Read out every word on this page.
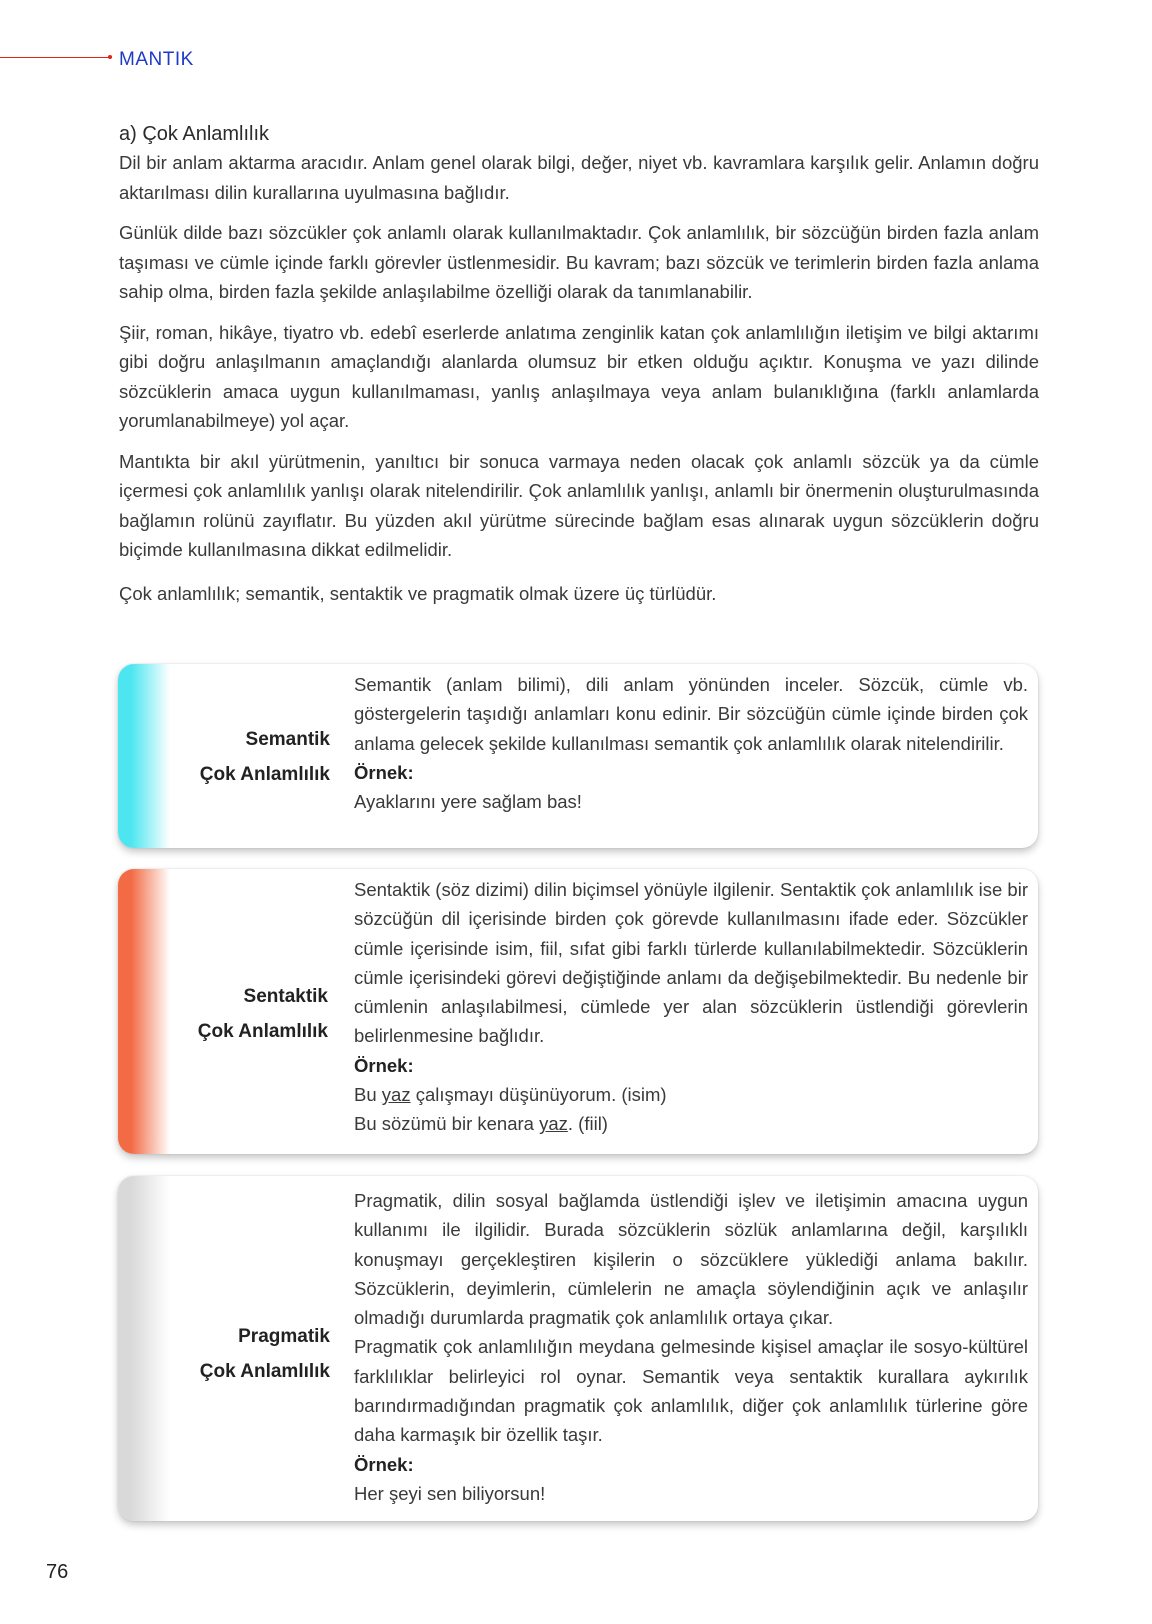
MANTIK

a) Çok Anlamlılık

Dil bir anlam aktarma aracıdır. Anlam genel olarak bilgi, değer, niyet vb. kavramlara karşılık gelir. Anlamın doğru aktarılması dilin kurallarına uyulmasına bağlıdır.

Günlük dilde bazı sözcükler çok anlamlı olarak kullanılmaktadır. Çok anlamlılık, bir sözcüğün birden fazla anlam taşıması ve cümle içinde farklı görevler üstlenmesidir. Bu kavram; bazı sözcük ve terimlerin birden fazla anlama sahip olma, birden fazla şekilde anlaşılabilme özelliği olarak da tanımlanabilir.

Şiir, roman, hikâye, tiyatro vb. edebî eserlerde anlatıma zenginlik katan çok anlamlılığın iletişim ve bilgi aktarımı gibi doğru anlaşılmanın amaçlandığı alanlarda olumsuz bir etken olduğu açıktır. Konuşma ve yazı dilinde sözcüklerin amaca uygun kullanılmaması, yanlış anlaşılmaya veya anlam bulanıklığına (farklı anlamlarda yorumlanabilmeye) yol açar.

Mantıkta bir akıl yürütmenin, yanıltıcı bir sonuca varmaya neden olacak çok anlamlı sözcük ya da cümle içermesi çok anlamlılık yanlışı olarak nitelendirilir. Çok anlamlılık yanlışı, anlamlı bir önermenin oluşturulmasında bağlamın rolünü zayıflatır. Bu yüzden akıl yürütme sürecinde bağlam esas alınarak uygun sözcüklerin doğru biçimde kullanılmasına dikkat edilmelidir.

Çok anlamlılık; semantik, sentaktik ve pragmatik olmak üzere üç türlüdür.

Semantik
Çok Anlamlılık

Semantik (anlam bilimi), dili anlam yönünden inceler. Sözcük, cümle vb. göstergelerin taşıdığı anlamları konu edinir. Bir sözcüğün cümle içinde birden çok anlama gelecek şekilde kullanılması semantik çok anlamlılık olarak nitelendirilir.

Örnek:

Ayaklarını yere sağlam bas!

Sentaktik
Çok Anlamlılık

Sentaktik (söz dizimi) dilin biçimsel yönüyle ilgilenir. Sentaktik çok anlamlılık ise bir sözcüğün dil içerisinde birden çok görevde kullanılmasını ifade eder. Sözcükler cümle içerisinde isim, fiil, sıfat gibi farklı türlerde kullanılabilmektedir. Sözcüklerin cümle içerisindeki görevi değiştiğinde anlamı da değişebilmektedir. Bu nedenle bir cümlenin anlaşılabilmesi, cümlede yer alan sözcüklerin üstlendiği görevlerin belirlenmesine bağlıdır.

Örnek:

Bu yaz çalışmayı düşünüyorum. (isim)

Bu sözümü bir kenara yaz. (fiil)

Pragmatik
Çok Anlamlılık

Pragmatik, dilin sosyal bağlamda üstlendiği işlev ve iletişimin amacına uygun kullanımı ile ilgilidir. Burada sözcüklerin sözlük anlamlarına değil, karşılıklı konuşmayı gerçekleştiren kişilerin o sözcüklere yüklediği anlama bakılır. Sözcüklerin, deyimlerin, cümlelerin ne amaçla söylendiğinin açık ve anlaşılır olmadığı durumlarda pragmatik çok anlamlılık ortaya çıkar.

Pragmatik çok anlamlılığın meydana gelmesinde kişisel amaçlar ile sosyo-kültürel farklılıklar belirleyici rol oynar. Semantik veya sentaktik kurallara aykırılık barındırmadığından pragmatik çok anlamlılık, diğer çok anlamlılık türlerine göre daha karmaşık bir özellik taşır.

Örnek:

Her şeyi sen biliyorsun!

76
